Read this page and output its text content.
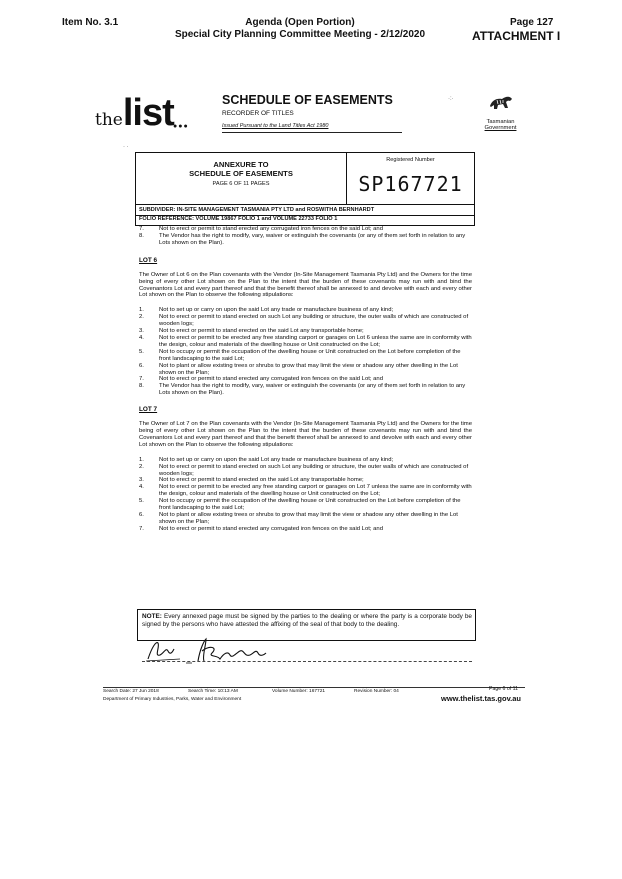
Item No. 3.1	Agenda (Open Portion)
Special City Planning Committee Meeting - 2/12/2020
Page 127
ATTACHMENT I
thelist ●●●
SCHEDULE OF EASEMENTS
RECORDER OF TITLES
Issued Pursuant to the Land Titles Act 1980
Tasmanian
Government
· ·
·:·
ANNEXURE TO
SCHEDULE OF EASEMENTS
PAGE 6 OF 11 PAGES
Registered Number
SP167721
SUBDIVIDER: IN-SITE MANAGEMENT TASMANIA PTY LTD and ROSWITHA BERNHARDT
FOLIO REFERENCE: VOLUME 19867 FOLIO 1 and VOLUME 22733 FOLIO 1
7.	Not to erect or permit to stand erected any corrugated iron fences on the said Lot; and
8.	The Vendor has the right to modify, vary, waiver or extinguish the covenants (or any of them set forth in relation to any Lots shown on the Plan).
LOT 6
The Owner of Lot 6 on the Plan covenants with the Vendor (In-Site Management Tasmania Pty Ltd) and the Owners for the time being of every other Lot shown on the Plan to the intent that the burden of these covenants may run with and bind the Covenantors Lot and every part thereof and that the benefit thereof shall be annexed to and devolve with each and every other Lot shown on the Plan to observe the following stipulations:
1.	Not to set up or carry on upon the said Lot any trade or manufacture business of any kind;
2.	Not to erect or permit to stand erected on such Lot any building or structure, the outer walls of which are constructed of wooden logs;
3.	Not to erect or permit to stand erected on the said Lot any transportable home;
4.	Not to erect or permit to be erected any free standing carport or garages on Lot 6 unless the same are in conformity with the design, colour and materials of the dwelling house or Unit constructed on the Lot;
5.	Not to occupy or permit the occupation of the dwelling house or Unit constructed on the Lot before completion of the front landscaping to the said Lot;
6.	Not to plant or allow existing trees or shrubs to grow that may limit the view or shadow any other dwelling in the Lot shown on the Plan;
7.	Not to erect or permit to stand erected any corrugated iron fences on the said Lot; and
8.	The Vendor has the right to modify, vary, waiver or extinguish the covenants (or any of them set forth in relation to any Lots shown on the Plan).
LOT 7
The Owner of Lot 7 on the Plan covenants with the Vendor (In-Site Management Tasmania Pty Ltd) and the Owners for the time being of every other Lot shown on the Plan to the intent that the burden of these covenants may run with and bind the Covenantors Lot and every part thereof and that the benefit thereof shall be annexed to and devolve with each and every other Lot shown on the Plan to observe the following stipulations:
1.	Not to set up or carry on upon the said Lot any trade or manufacture business of any kind;
2.	Not to erect or permit to stand erected on such Lot any building or structure, the outer walls of which are constructed of wooden logs;
3.	Not to erect or permit to stand erected on the said Lot any transportable home;
4.	Not to erect or permit to be erected any free standing carport or garages on Lot 7 unless the same are in conformity with the design, colour and materials of the dwelling house or Unit constructed on the Lot;
5.	Not to occupy or permit the occupation of the dwelling house or Unit constructed on the Lot before completion of the front landscaping to the said Lot;
6.	Not to plant or allow existing trees or shrubs to grow that may limit the view or shadow any other dwelling in the Lot shown on the Plan;
7.	Not to erect or permit to stand erected any corrugated iron fences on the said Lot; and
NOTE: Every annexed page must be signed by the parties to the dealing or where the party is a corporate body be signed by the persons who have attested the affixing of the seal of that body to the dealing.
Search Date: 27 Jun 2018	Search Time: 10:13 AM	Volume Number: 167721	Revision Number: 04	Page 6 of 11
Department of Primary Industries, Parks, Water and Environment	www.thelist.tas.gov.au
